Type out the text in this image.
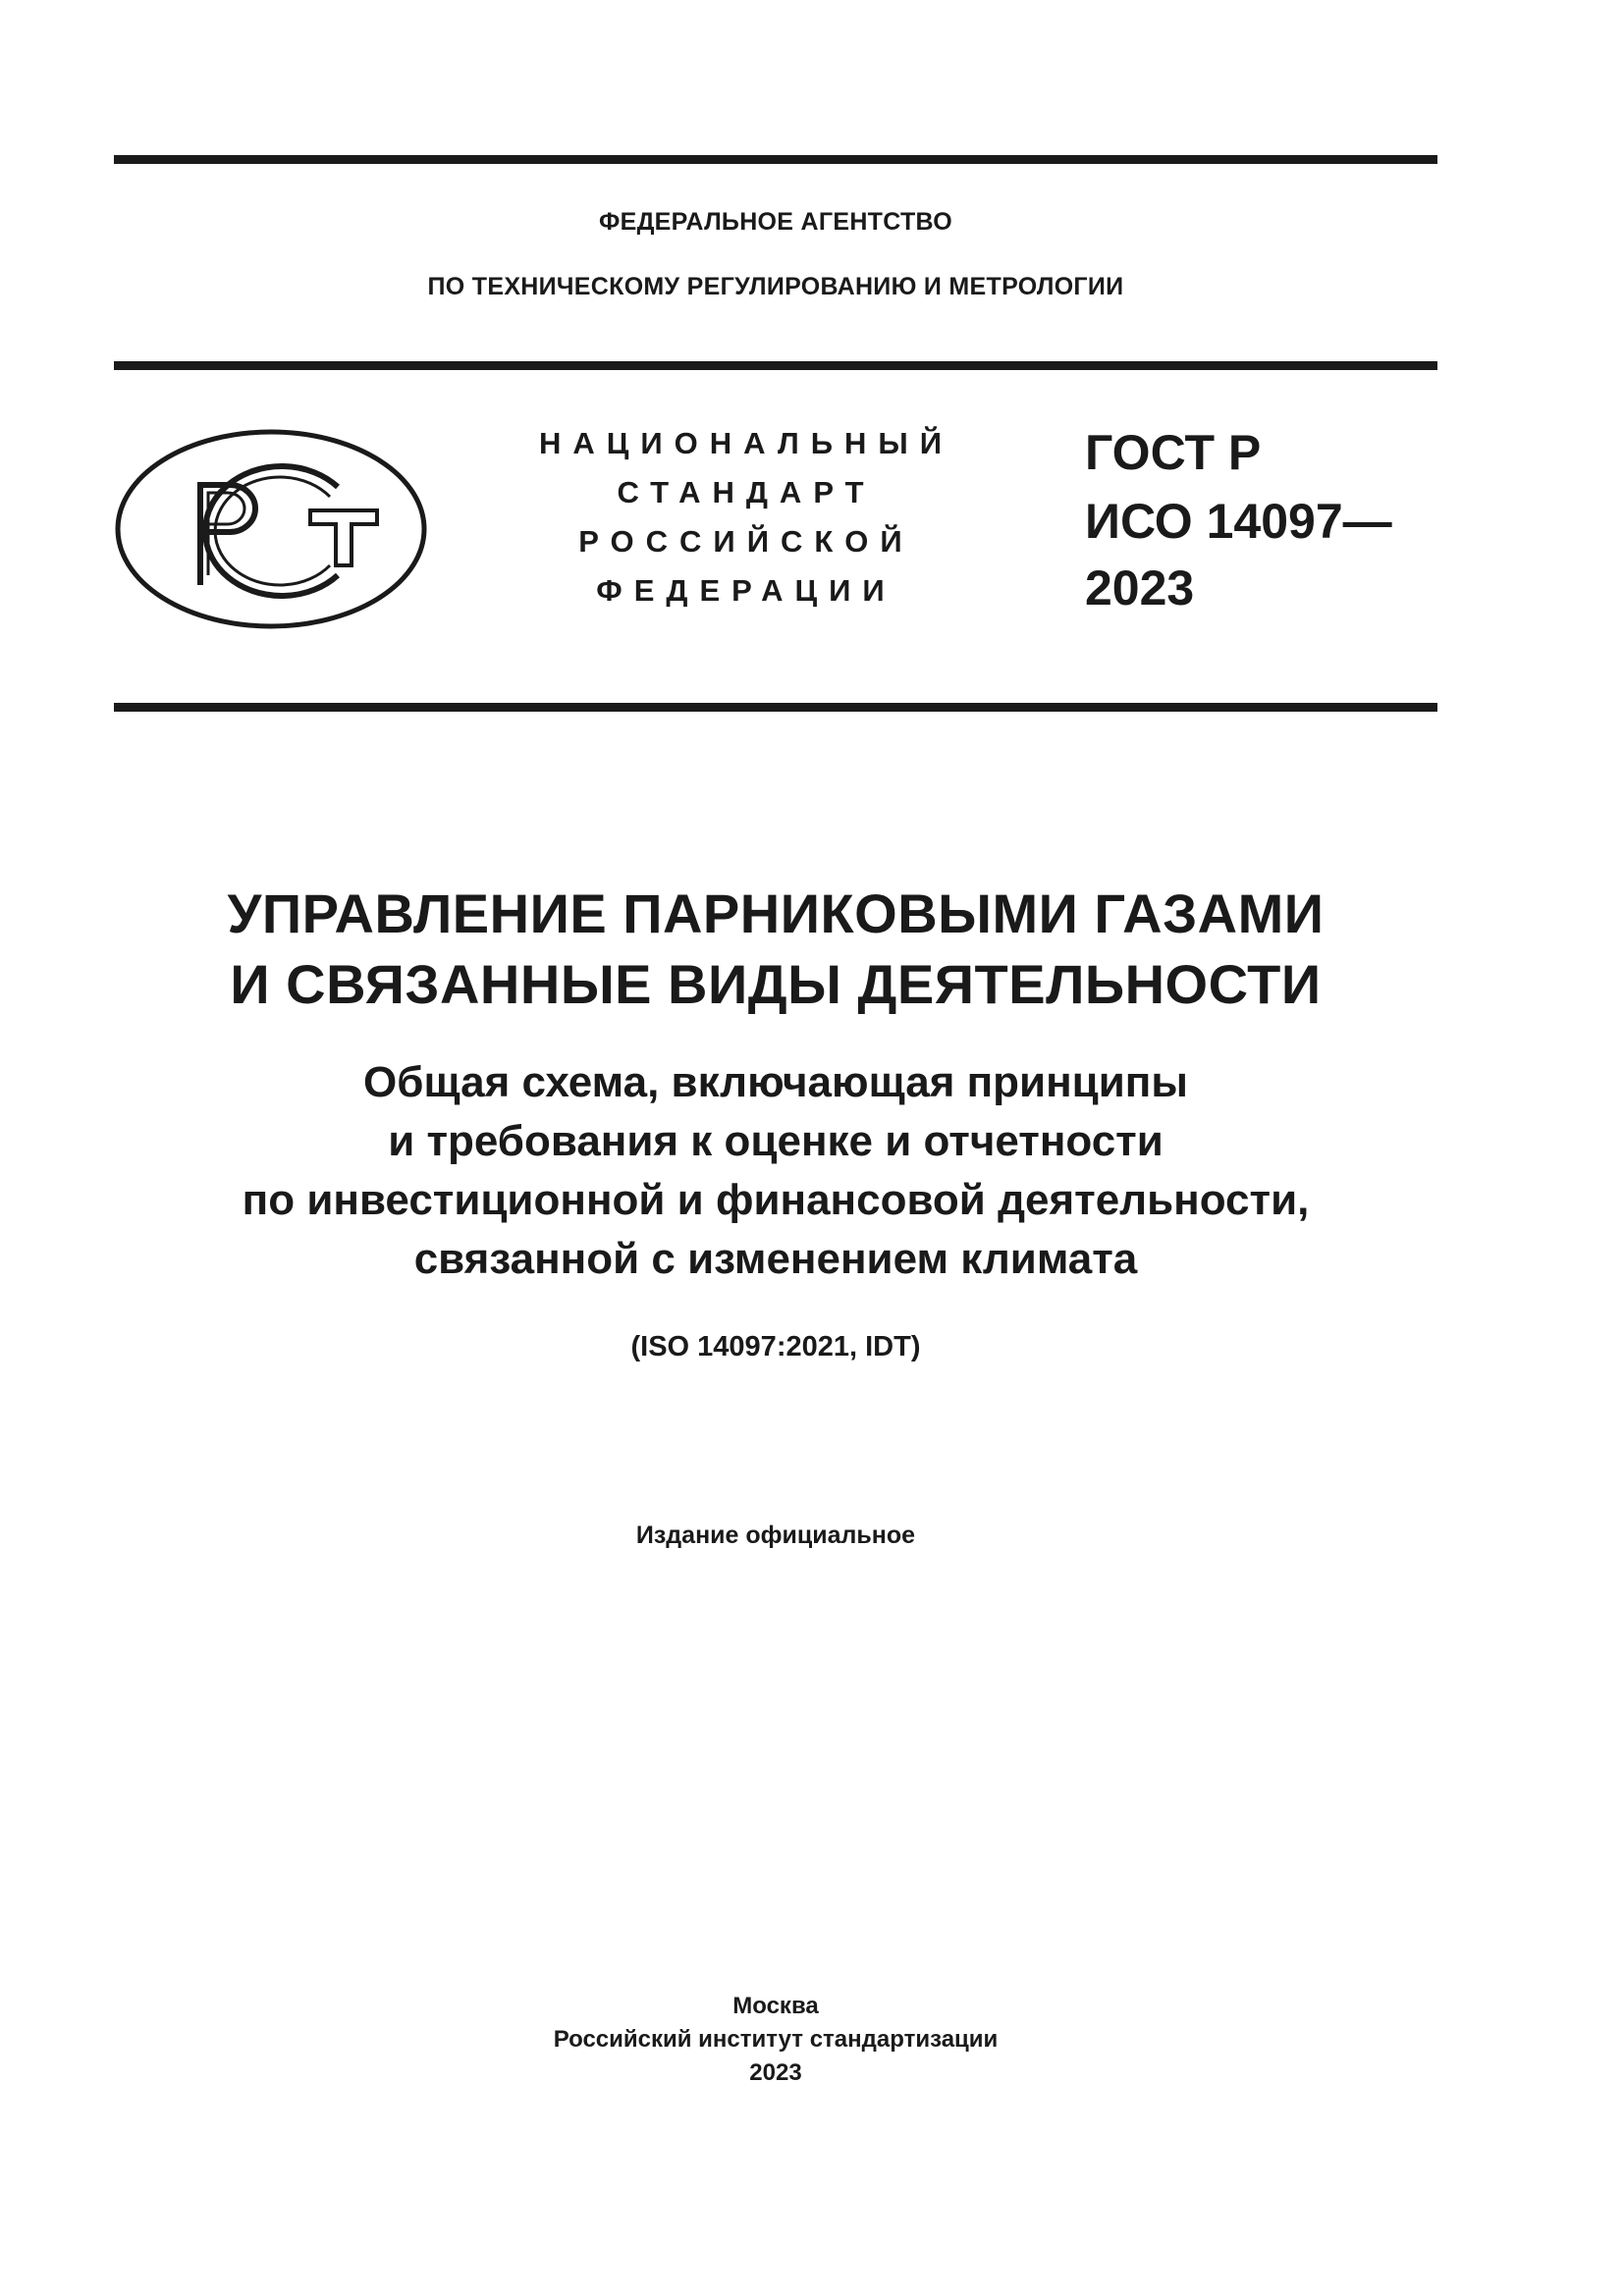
ФЕДЕРАЛЬНОЕ АГЕНТСТВО
ПО ТЕХНИЧЕСКОМУ РЕГУЛИРОВАНИЮ И МЕТРОЛОГИИ
НАЦИОНАЛЬНЫЙ
СТАНДАРТ
РОССИЙСКОЙ
ФЕДЕРАЦИИ
ГОСТ Р
ИСО 14097—
2023
УПРАВЛЕНИЕ ПАРНИКОВЫМИ ГАЗАМИ
И СВЯЗАННЫЕ ВИДЫ ДЕЯТЕЛЬНОСТИ
Общая схема, включающая принципы
и требования к оценке и отчетности
по инвестиционной и финансовой деятельности,
связанной с изменением климата
(ISO 14097:2021, IDT)
Издание официальное
Москва
Российский институт стандартизации
2023
